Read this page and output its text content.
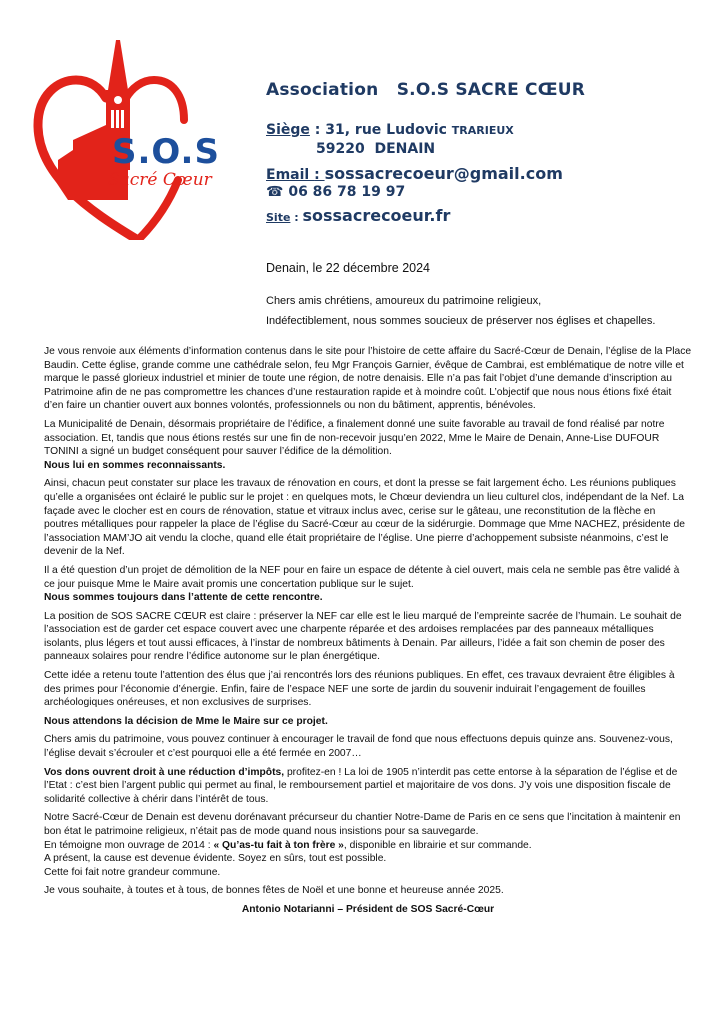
S.O.S
Sacré Cœur
Association   S.O.S SACRE CŒUR
Siège : 31, rue Ludovic TRARIEUX
59220  DENAIN
Email : sossacrecoeur@gmail.com
☎ 06 86 78 19 97
Site : sossacrecoeur.fr
Denain, le 22 décembre 2024
Chers amis chrétiens, amoureux du patrimoine religieux,
Indéfectiblement, nous sommes soucieux de préserver nos églises et chapelles.

Je vous renvoie aux éléments d’information contenus dans le site pour l’histoire de cette affaire du Sacré-Cœur de Denain, l’église de la Place Baudin. Cette église, grande comme une cathédrale selon, feu Mgr François Garnier, évêque de Cambrai, est emblématique de notre ville et marque le passé glorieux industriel et minier de toute une région, de notre denaisis. Elle n’a pas fait l’objet d’une demande d’inscription au Patrimoine afin de ne pas compromettre les chances d’une restauration rapide et à moindre coût. L’objectif que nous nous étions fixé était d’en faire un chantier ouvert aux bonnes volontés, professionnels ou non du bâtiment, apprentis, bénévoles.

La Municipalité de Denain, désormais propriétaire de l’édifice, a finalement donné une suite favorable au travail de fond réalisé par notre association. Et, tandis que nous étions restés sur une fin de non-recevoir jusqu’en 2022, Mme le Maire de Denain, Anne-Lise DUFOUR TONINI a signé un budget conséquent pour sauver l’édifice de la démolition.
Nous lui en sommes reconnaissants.

Ainsi, chacun peut constater sur place les travaux de rénovation en cours, et dont la presse se fait largement écho. Les réunions publiques qu’elle a organisées ont éclairé le public sur le projet : en quelques mots, le Chœur deviendra un lieu culturel clos, indépendant de la Nef. La façade avec le clocher est en cours de rénovation, statue et vitraux inclus avec, cerise sur le gâteau, une reconstitution de la flèche en poutres métalliques pour rappeler la place de l’église du Sacré-Cœur au cœur de la sidérurgie. Dommage que Mme NACHEZ, présidente de l’association MAM’JO ait vendu la cloche, quand elle était propriétaire de l’église. Une pierre d’achoppement subsiste néanmoins, c’est le devenir de la Nef.

Il a été question d’un projet de démolition de la NEF pour en faire un espace de détente à ciel ouvert, mais cela ne semble pas être validé à ce jour puisque Mme le Maire avait promis une concertation publique sur le sujet.
Nous sommes toujours dans l’attente de cette rencontre.

La position de SOS SACRE CŒUR est claire : préserver la NEF car elle est le lieu marqué de l’empreinte sacrée de l’humain. Le souhait de l’association est de garder cet espace couvert avec une charpente réparée et des ardoises remplacées par des panneaux métalliques isolants, plus légers et tout aussi efficaces, à l’instar de nombreux bâtiments à Denain. Par ailleurs, l’idée a fait son chemin de poser des panneaux solaires pour rendre l’édifice autonome sur le plan énergétique.

Cette idée a retenu toute l’attention des élus que j’ai rencontrés lors des réunions publiques. En effet, ces travaux devraient être éligibles à des primes pour l’économie d’énergie. Enfin, faire de l’espace NEF une sorte de jardin du souvenir induirait l’engagement de fouilles archéologiques onéreuses, et non exclusives de surprises.

Nous attendons la décision de Mme le Maire sur ce projet.

Chers amis du patrimoine, vous pouvez continuer à encourager le travail de fond que nous effectuons depuis quinze ans. Souvenez-vous, l’église devait s’écrouler et c’est pourquoi elle a été fermée en 2007…

Vos dons ouvrent droit à une réduction d’impôts, profitez-en ! La loi de 1905 n’interdit pas cette entorse à la séparation de l’église et de l’Etat : c’est bien l’argent public qui permet au final, le remboursement partiel et majoritaire de vos dons. J’y vois une disposition fiscale de solidarité collective à chérir dans l’intérêt de tous.

Notre Sacré-Cœur de Denain est devenu dorénavant précurseur du chantier Notre-Dame de Paris en ce sens que l’incitation à maintenir en bon état le patrimoine religieux, n’était pas de mode quand nous insistions pour sa sauvegarde.
En témoigne mon ouvrage de 2014 : « Qu’as-tu fait à ton frère », disponible en librairie et sur commande.
A présent, la cause est devenue évidente. Soyez en sûrs, tout est possible.
Cette foi fait notre grandeur commune.

Je vous souhaite, à toutes et à tous, de bonnes fêtes de Noël et une bonne et heureuse année 2025.

Antonio Notarianni – Président de SOS Sacré-Cœur
